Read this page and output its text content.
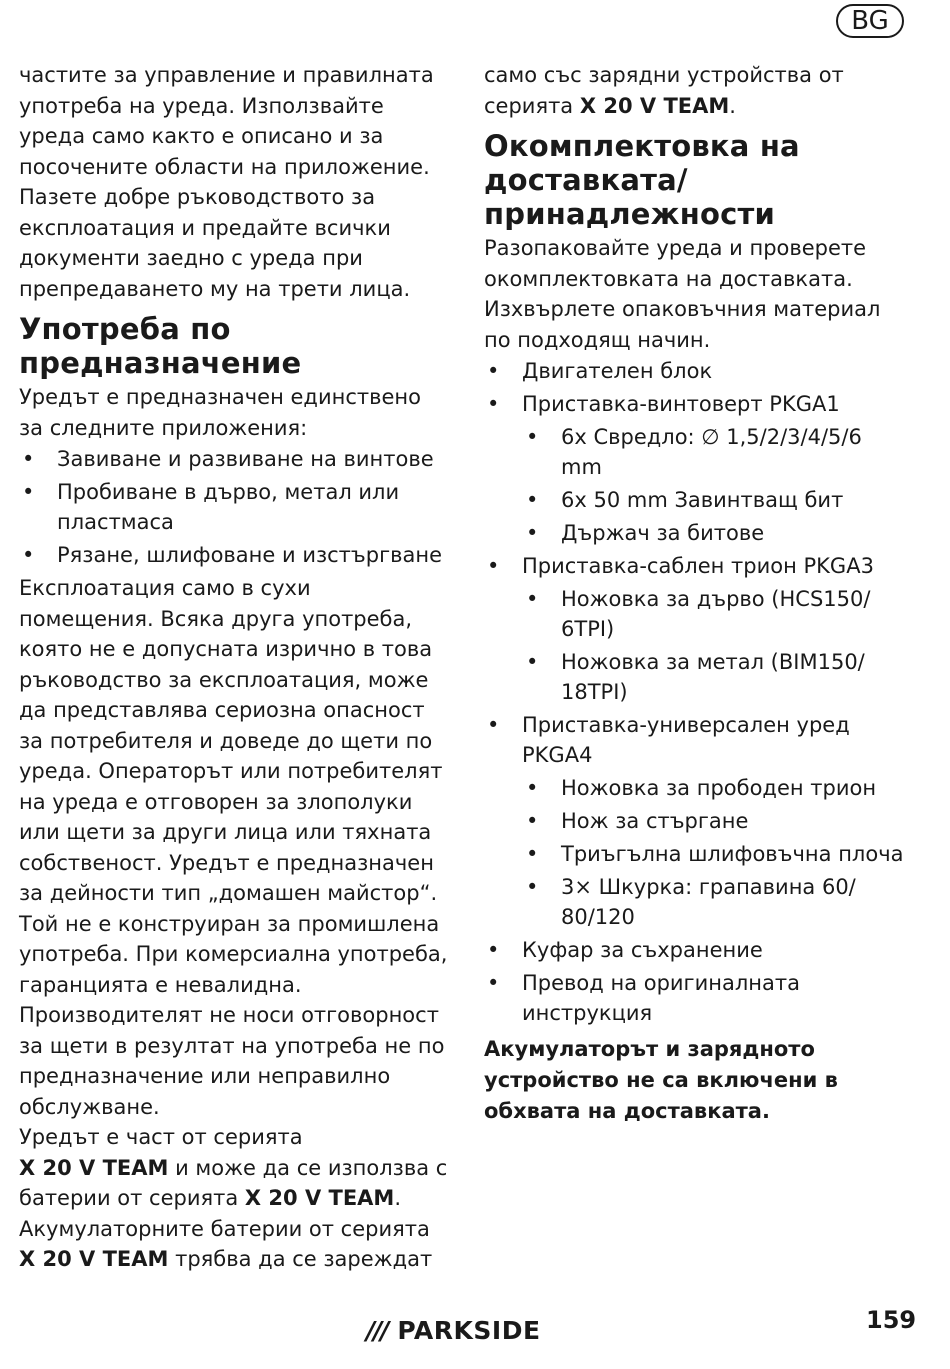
BG

частите за управление и правилната употреба на уреда. Използвайте уреда само както е описано и за посочените области на приложение. Пазете добре ръководството за експлоатация и предайте всички документи заедно с уреда при препредаването му на трети лица.

Употреба по предназначение

Уредът е предназначен единствено за следните приложения:

• Завиване и развиване на винтове
• Пробиване в дърво, метал или пластмаса
• Рязане, шлифоване и изстъргване

Експлоатация само в сухи помещения. Всяка друга употреба, която не е допусната изрично в това ръководство за експлоатация, може да представлява сериозна опасност за потребителя и доведе до щети по уреда. Операторът или потребителят на уреда е отговорен за злополуки или щети за други лица или тяхната собственост. Уредът е предназначен за дейности тип „домашен майстор“. Той не е конструиран за промишлена употреба. При комерсиална употреба, гаранцията е невалидна. Производителят не носи отговорност за щети в резултат на употреба не по предназначение или неправилно обслужване.

Уредът е част от серията
X 20 V TEAM и може да се използва с батерии от серията X 20 V TEAM.
Акумулаторните батерии от серията
X 20 V TEAM трябва да се зареждат

само със зарядни устройства от серията X 20 V TEAM.

Окомплектовка на доставката/принадлежности

Разопаковайте уреда и проверете окомплектовката на доставката. Изхвърлете опаковъчния материал по подходящ начин.

• Двигателен блок
• Приставка-винтоверт PKGA1
• 6x Свредло: ∅ 1,5/2/3/4/5/6 mm
• 6x 50 mm Завинтващ бит
• Държач за битове
• Приставка-саблен трион PKGA3
• Ножовка за дърво (HCS150/ 6TPI)
• Ножовка за метал (BIM150/ 18TPI)
• Приставка-универсален уред PKGA4
• Ножовка за прободен трион
• Нож за стъргане
• Триъгълна шлифовъчна плоча
• 3× Шкурка: грапавина 60/ 80/120
• Куфар за съхранение
• Превод на оригиналната инструкция

Акумулаторът и зарядното устройство не са включени в обхвата на доставката.

/// PARKSIDE	159
